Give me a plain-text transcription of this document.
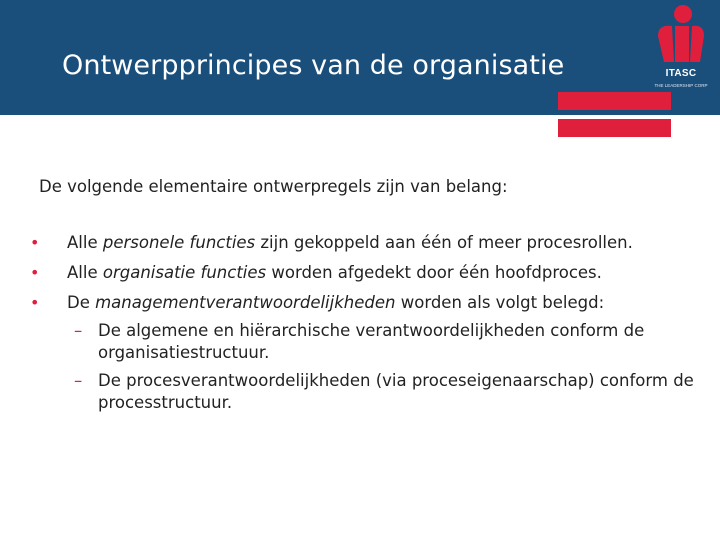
Ontwerpprincipes van de organisatie	ITASC
THE LEADERSHIP CORP
De volgende elementaire ontwerpregels zijn van belang:
• Alle personele functies zijn gekoppeld aan één of meer procesrollen.
• Alle organisatie functies worden afgedekt door één hoofdproces.
• De managementverantwoordelijkheden worden als volgt belegd:
– De algemene en hiërarchische verantwoordelijkheden conform de
organisatiestructuur.
– De procesverantwoordelijkheden (via proceseigenaarschap) conform de
processtructuur.
